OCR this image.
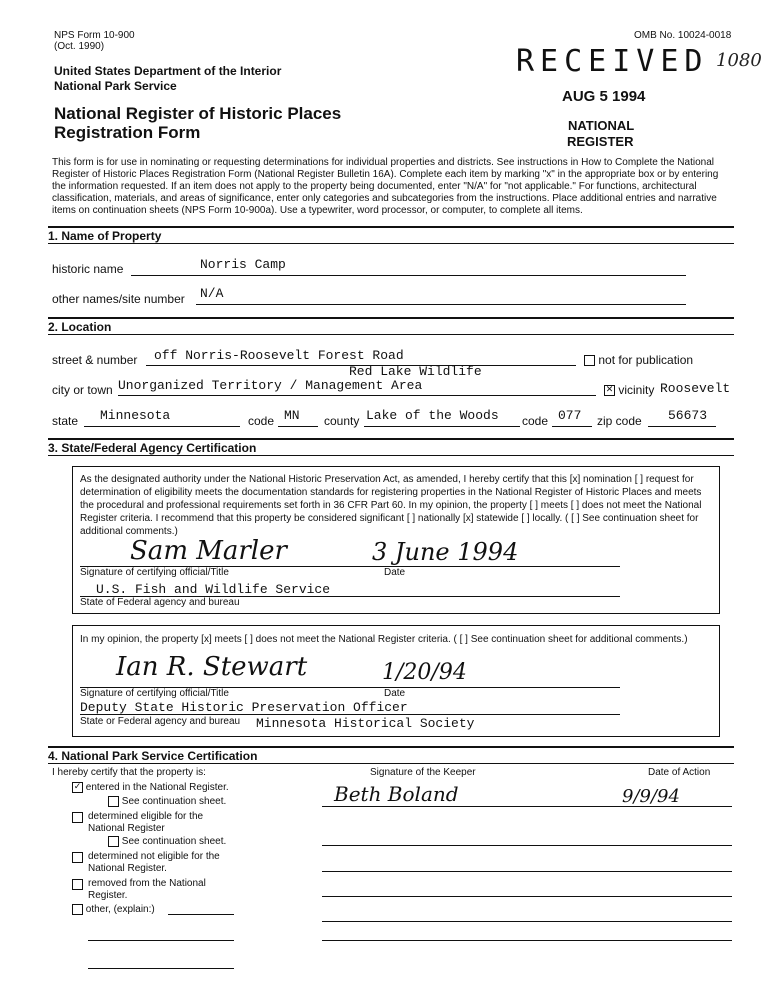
NPS Form 10-900
(Oct. 1990)
OMB No. 10024-0018
United States Department of the Interior
National Park Service
National Register of Historic Places
Registration Form
1080
RECEIVED
AUG 5 1994
NATIONAL
REGISTER
This form is for use in nominating or requesting determinations for individual properties and districts. See instructions in How to Complete the National Register of Historic Places Registration Form (National Register Bulletin 16A). Complete each item by marking "x" in the appropriate box or by entering the information requested. If an item does not apply to the property being documented, enter "N/A" for "not applicable." For functions, architectural classification, materials, and areas of significance, enter only categories and subcategories from the instructions. Place additional entries and narrative items on continuation sheets (NPS Form 10-900a). Use a typewriter, word processor, or computer, to complete all items.
1. Name of Property
historic name	Norris Camp
other names/site number N/A
2. Location
street & number off Norris-Roosevelt Forest Road	not for publication
Red Lake Wildlife
city or town Unorganized Territory / Management Area	✕ vicinity Roosevelt
state Minnesota	code MN county Lake of the Woods code 077 zip code 56673
3. State/Federal Agency Certification
As the designated authority under the National Historic Preservation Act, as amended, I hereby certify that this [x] nomination [ ] request for determination of eligibility meets the documentation standards for registering properties in the National Register of Historic Places and meets the procedural and professional requirements set forth in 36 CFR Part 60. In my opinion, the property [ ] meets [ ] does not meet the National Register criteria. I recommend that this property be considered significant [ ] nationally [x] statewide [ ] locally. ( [ ] See continuation sheet for additional comments.)
Sam Marler	3 June 1994
Signature of certifying official/Title	Date
U.S. Fish and Wildlife Service
State of Federal agency and bureau
In my opinion, the property [x] meets [ ] does not meet the National Register criteria. ( [ ] See continuation sheet for additional comments.)
Ian R. Stewart	1/20/94
Signature of certifying official/Title	Date
Deputy State Historic Preservation Officer
State or Federal agency and bureau Minnesota Historical Society
4. National Park Service Certification
I hereby certify that the property is:	Signature of the Keeper	Date of Action
Beth Boland	9/9/94
✓ entered in the National Register.
See continuation sheet.
determined eligible for the National Register
See continuation sheet.
determined not eligible for the National Register.
removed from the National Register.
other, (explain:)
